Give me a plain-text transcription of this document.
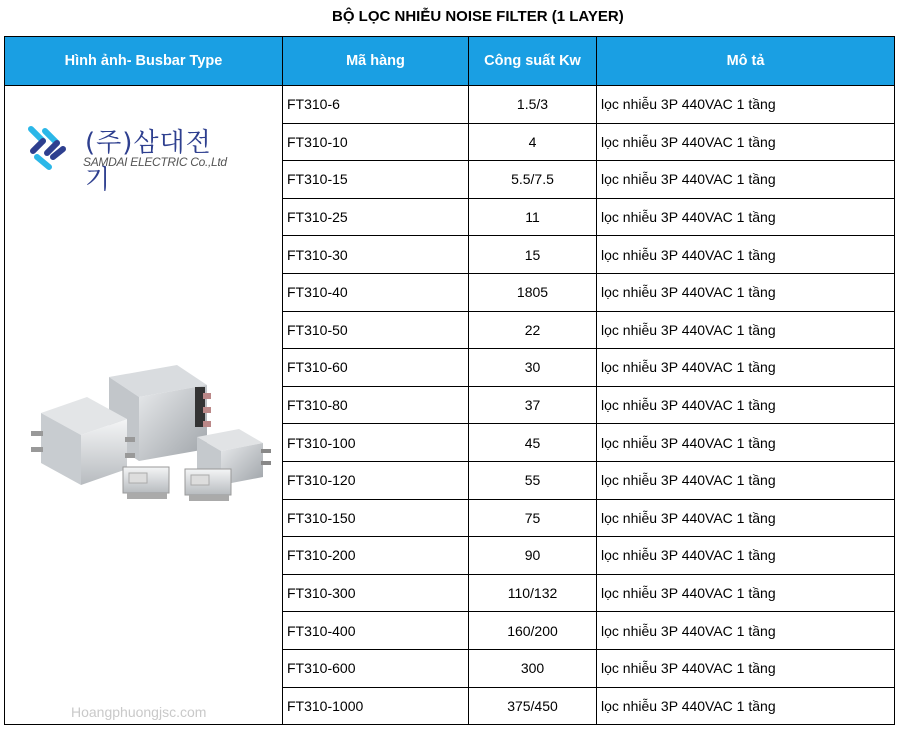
BỘ LỌC NHIỄU NOISE FILTER (1 LAYER)
Hình ảnh- Busbar Type	Mã hàng	Công suất Kw	Mô tả

(주)삼대전기
SAMDAI ELECTRIC Co.,Ltd
Hoangphuongjsc.com	FT310-6	1.5/3	lọc nhiễu 3P 440VAC 1 tầng
	FT310-10	4	lọc nhiễu 3P 440VAC 1 tầng
	FT310-15	5.5/7.5	lọc nhiễu 3P 440VAC 1 tầng
	FT310-25	11	lọc nhiễu 3P 440VAC 1 tầng
	FT310-30	15	lọc nhiễu 3P 440VAC 1 tầng
	FT310-40	1805	lọc nhiễu 3P 440VAC 1 tầng
	FT310-50	22	lọc nhiễu 3P 440VAC 1 tầng
	FT310-60	30	lọc nhiễu 3P 440VAC 1 tầng
	FT310-80	37	lọc nhiễu 3P 440VAC 1 tầng
	FT310-100	45	lọc nhiễu 3P 440VAC 1 tầng
	FT310-120	55	lọc nhiễu 3P 440VAC 1 tầng
	FT310-150	75	lọc nhiễu 3P 440VAC 1 tầng
	FT310-200	90	lọc nhiễu 3P 440VAC 1 tầng
	FT310-300	110/132	lọc nhiễu 3P 440VAC 1 tầng
	FT310-400	160/200	lọc nhiễu 3P 440VAC 1 tầng
	FT310-600	300	lọc nhiễu 3P 440VAC 1 tầng
	FT310-1000	375/450	lọc nhiễu 3P 440VAC 1 tầng
